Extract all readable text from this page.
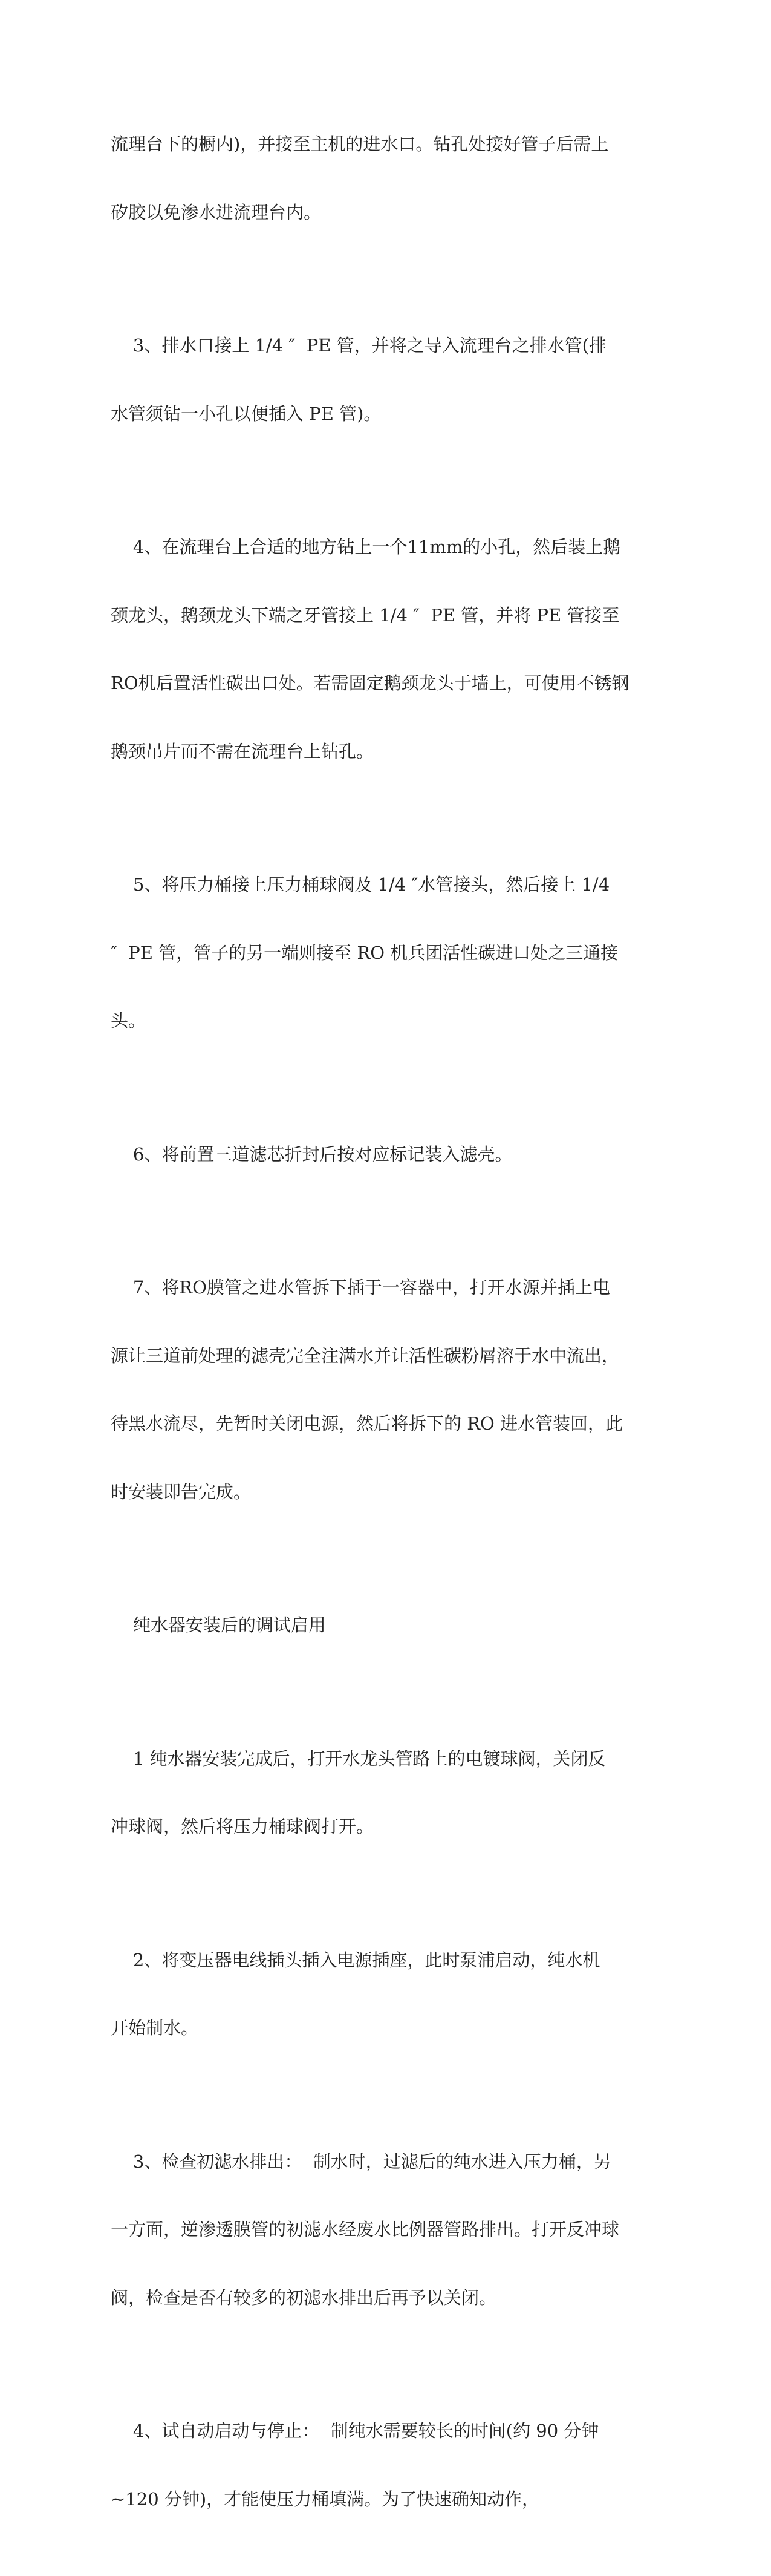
流理台下的橱内)，并接至主机的进水口。钻孔处接好管子后需上

矽胶以免渗水进流理台内。

3、排水口接上 1/4 ″  PE 管，并将之导入流理台之排水管(排

水管须钻一小孔以便插入 PE 管)。

4、在流理台上合适的地方钻上一个11mm的小孔，然后装上鹅

颈龙头，鹅颈龙头下端之牙管接上 1/4 ″  PE 管，并将 PE 管接至

RO机后置活性碳出口处。若需固定鹅颈龙头于墙上，可使用不锈钢

鹅颈吊片而不需在流理台上钻孔。

5、将压力桶接上压力桶球阀及 1/4 ″水管接头，然后接上 1/4

″  PE 管，管子的另一端则接至 RO 机兵团活性碳进口处之三通接

头。

6、将前置三道滤芯折封后按对应标记装入滤壳。

7、将RO膜管之进水管拆下插于一容器中，打开水源并插上电

源让三道前处理的滤壳完全注满水并让活性碳粉屑溶于水中流出，

待黑水流尽，先暂时关闭电源，然后将拆下的 RO 进水管装回，此

时安装即告完成。

纯水器安装后的调试启用

1 纯水器安装完成后，打开水龙头管路上的电镀球阀，关闭反

冲球阀，然后将压力桶球阀打开。

2、将变压器电线插头插入电源插座，此时泵浦启动，纯水机

开始制水。

3、检查初滤水排出：  制水时，过滤后的纯水进入压力桶，另

一方面，逆渗透膜管的初滤水经废水比例器管路排出。打开反冲球

阀，检查是否有较多的初滤水排出后再予以关闭。

4、试自动启动与停止：  制纯水需要较长的时间(约 90 分钟

~120 分钟)，才能使压力桶填满。为了快速确知动作，
